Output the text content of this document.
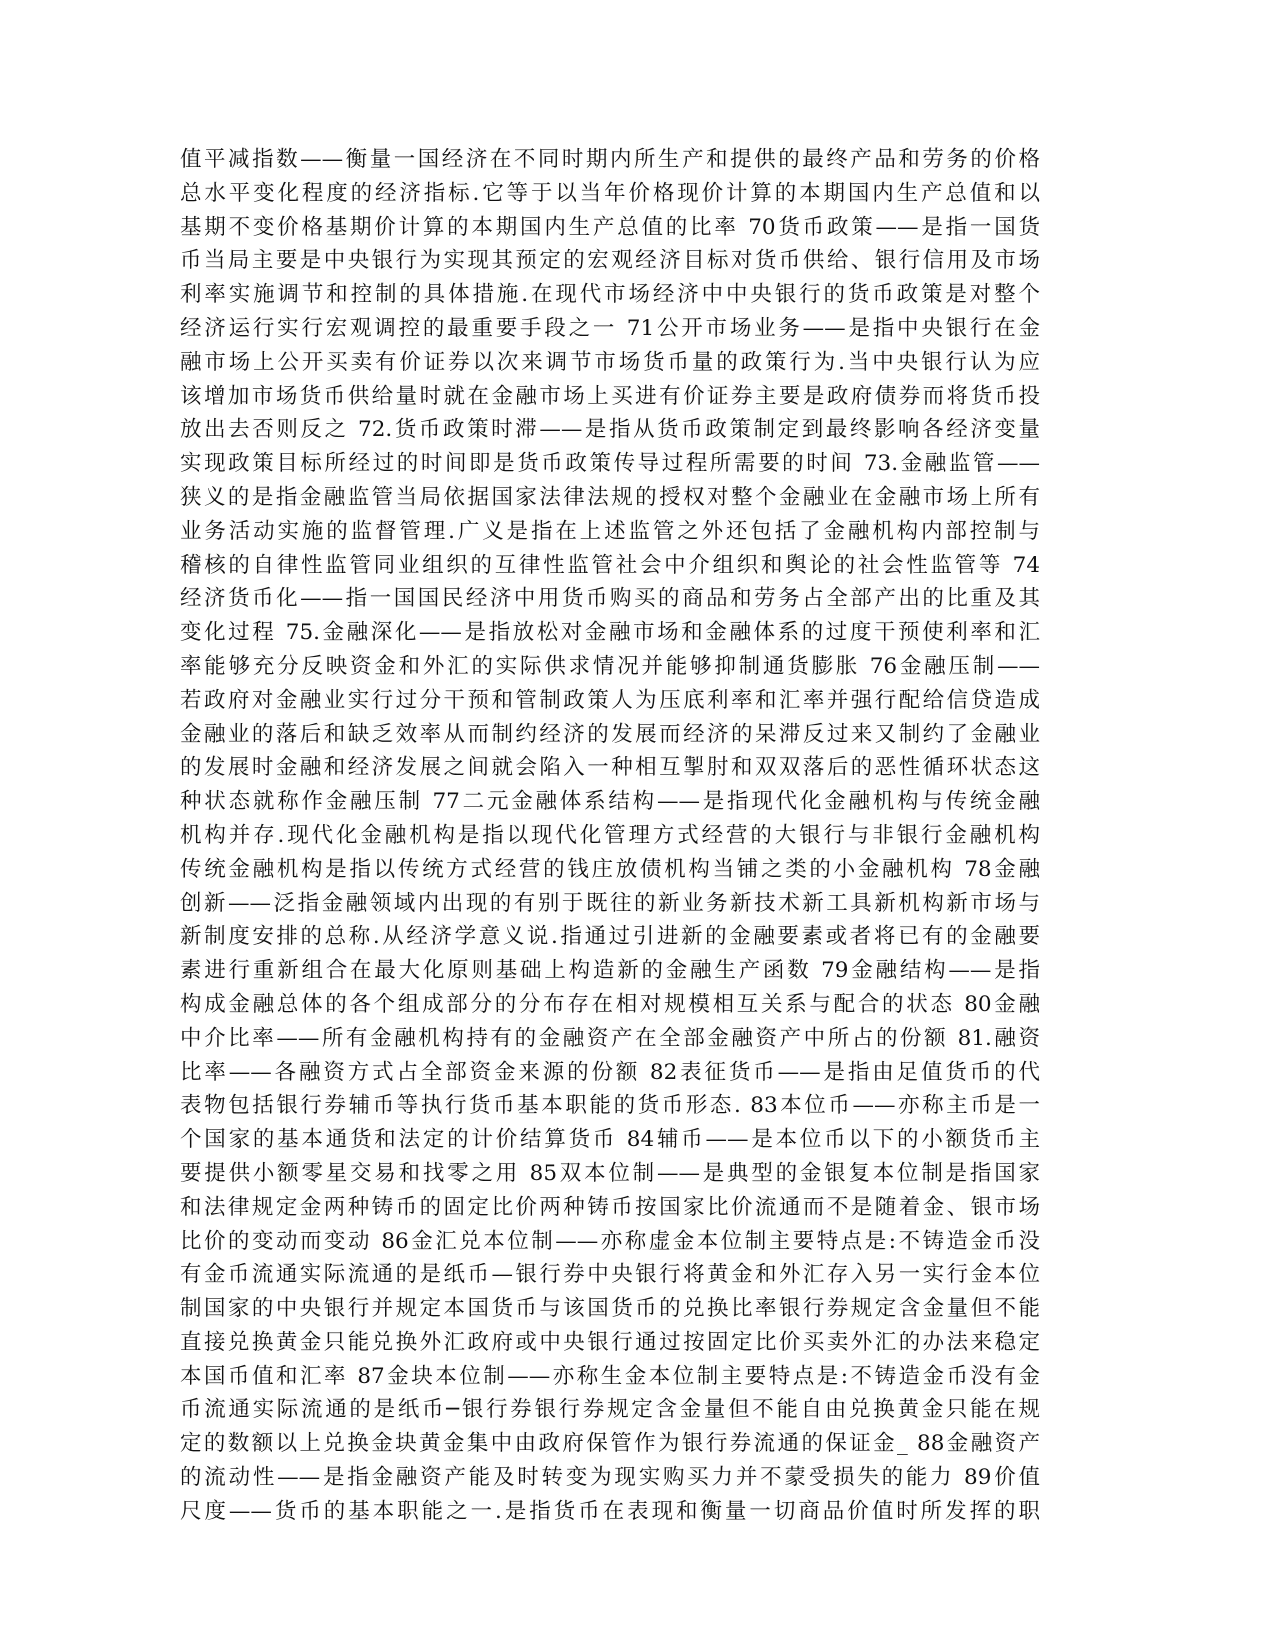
值平减指数——衡量一国经济在不同时期内所生产和提供的最终产品和劳务的价格
总水平变化程度的经济指标.它等于以当年价格现价计算的本期国内生产总值和以
基期不变价格基期价计算的本期国内生产总值的比率 70货币政策——是指一国货
币当局主要是中央银行为实现其预定的宏观经济目标对货币供给、银行信用及市场
利率实施调节和控制的具体措施.在现代市场经济中中央银行的货币政策是对整个
经济运行实行宏观调控的最重要手段之一 71公开市场业务——是指中央银行在金
融市场上公开买卖有价证券以次来调节市场货币量的政策行为.当中央银行认为应
该增加市场货币供给量时就在金融市场上买进有价证券主要是政府债券而将货币投
放出去否则反之 72.货币政策时滞——是指从货币政策制定到最终影响各经济变量
实现政策目标所经过的时间即是货币政策传导过程所需要的时间 73.金融监管——
狭义的是指金融监管当局依据国家法律法规的授权对整个金融业在金融市场上所有
业务活动实施的监督管理.广义是指在上述监管之外还包括了金融机构内部控制与
稽核的自律性监管同业组织的互律性监管社会中介组织和舆论的社会性监管等 74
经济货币化——指一国国民经济中用货币购买的商品和劳务占全部产出的比重及其
变化过程 75.金融深化——是指放松对金融市场和金融体系的过度干预使利率和汇
率能够充分反映资金和外汇的实际供求情况并能够抑制通货膨胀 76金融压制——
若政府对金融业实行过分干预和管制政策人为压底利率和汇率并强行配给信贷造成
金融业的落后和缺乏效率从而制约经济的发展而经济的呆滞反过来又制约了金融业
的发展时金融和经济发展之间就会陷入一种相互掣肘和双双落后的恶性循环状态这
种状态就称作金融压制 77二元金融体系结构——是指现代化金融机构与传统金融
机构并存.现代化金融机构是指以现代化管理方式经营的大银行与非银行金融机构
传统金融机构是指以传统方式经营的钱庄放债机构当铺之类的小金融机构 78金融
创新——泛指金融领域内出现的有别于既往的新业务新技术新工具新机构新市场与
新制度安排的总称.从经济学意义说.指通过引进新的金融要素或者将已有的金融要
素进行重新组合在最大化原则基础上构造新的金融生产函数 79金融结构——是指
构成金融总体的各个组成部分的分布存在相对规模相互关系与配合的状态 80金融
中介比率——所有金融机构持有的金融资产在全部金融资产中所占的份额 81.融资
比率——各融资方式占全部资金来源的份额 82表征货币——是指由足值货币的代
表物包括银行券辅币等执行货币基本职能的货币形态. 83本位币——亦称主币是一
个国家的基本通货和法定的计价结算货币 84辅币——是本位币以下的小额货币主
要提供小额零星交易和找零之用 85双本位制——是典型的金银复本位制是指国家
和法律规定金两种铸币的固定比价两种铸币按国家比价流通而不是随着金、银市场
比价的变动而变动 86金汇兑本位制——亦称虚金本位制主要特点是:不铸造金币没
有金币流通实际流通的是纸币—银行券中央银行将黄金和外汇存入另一实行金本位
制国家的中央银行并规定本国货币与该国货币的兑换比率银行券规定含金量但不能
直接兑换黄金只能兑换外汇政府或中央银行通过按固定比价买卖外汇的办法来稳定
本国币值和汇率 87金块本位制——亦称生金本位制主要特点是:不铸造金币没有金
币流通实际流通的是纸币─银行券银行券规定含金量但不能自由兑换黄金只能在规
定的数额以上兑换金块黄金集中由政府保管作为银行券流通的保证金_ 88金融资产
的流动性——是指金融资产能及时转变为现实购买力并不蒙受损失的能力 89价值
尺度——货币的基本职能之一.是指货币在表现和衡量一切商品价值时所发挥的职
